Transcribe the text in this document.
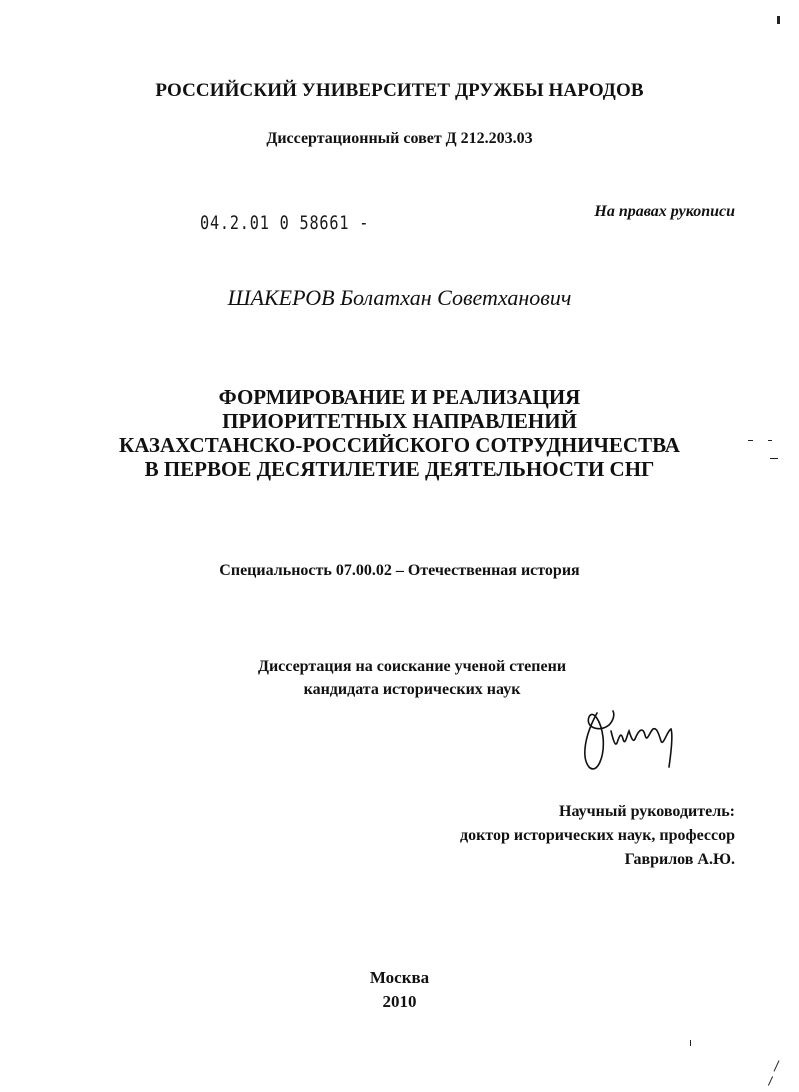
РОССИЙСКИЙ УНИВЕРСИТЕТ ДРУЖБЫ НАРОДОВ
Диссертационный совет Д 212.203.03
04.2.01 0 58661 -
На правах рукописи
ШАКЕРОВ Болатхан Советханович
ФОРМИРОВАНИЕ И РЕАЛИЗАЦИЯ
ПРИОРИТЕТНЫХ НАПРАВЛЕНИЙ
КАЗАХСТАНСКО-РОССИЙСКОГО СОТРУДНИЧЕСТВА
В ПЕРВОЕ ДЕСЯТИЛЕТИЕ ДЕЯТЕЛЬНОСТИ СНГ
Специальность 07.00.02 – Отечественная история
Диссертация на соискание ученой степени
кандидата исторических наук
Научный руководитель:
доктор исторических наук, профессор
Гаврилов А.Ю.
Москва
2010
